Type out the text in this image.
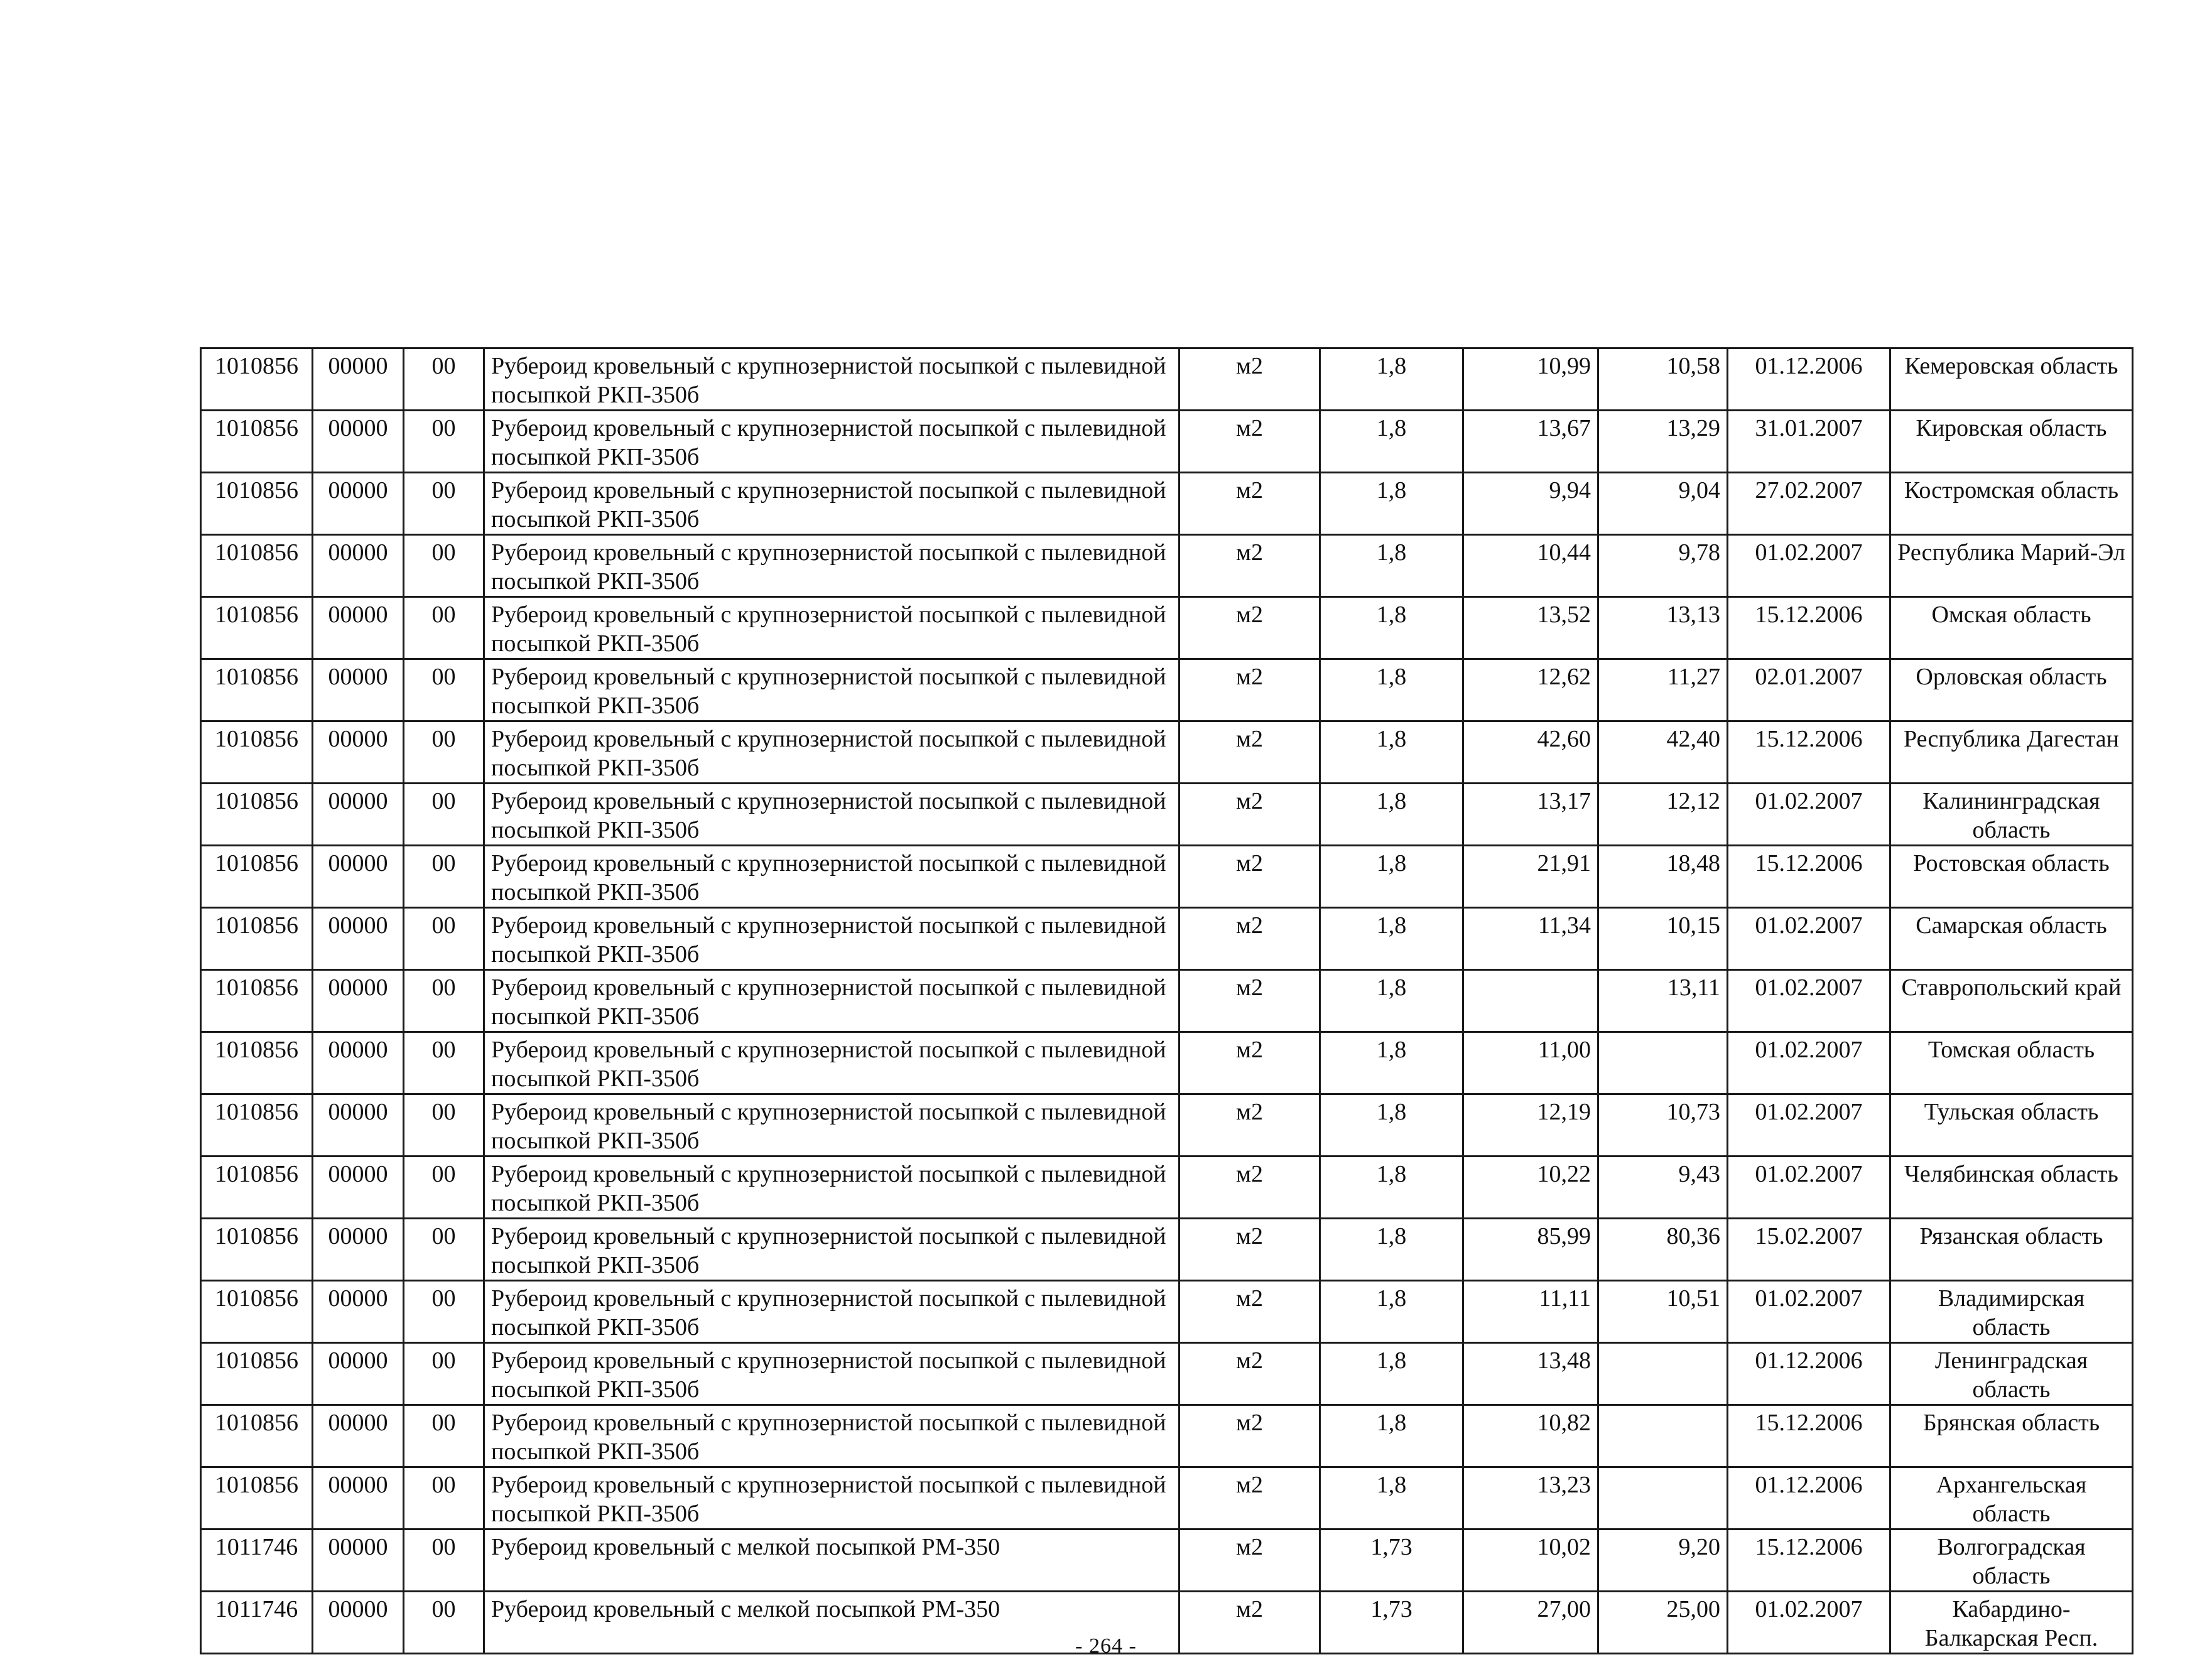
1010856	00000	00	Рубероид кровельный с крупнозернистой посыпкой с пылевидной посыпкой РКП-350б	м2	1,8	10,99	10,58	01.12.2006	Кемеровская область
1010856	00000	00	Рубероид кровельный с крупнозернистой посыпкой с пылевидной посыпкой РКП-350б	м2	1,8	13,67	13,29	31.01.2007	Кировская область
1010856	00000	00	Рубероид кровельный с крупнозернистой посыпкой с пылевидной посыпкой РКП-350б	м2	1,8	9,94	9,04	27.02.2007	Костромская область
1010856	00000	00	Рубероид кровельный с крупнозернистой посыпкой с пылевидной посыпкой РКП-350б	м2	1,8	10,44	9,78	01.02.2007	Республика Марий-Эл
1010856	00000	00	Рубероид кровельный с крупнозернистой посыпкой с пылевидной посыпкой РКП-350б	м2	1,8	13,52	13,13	15.12.2006	Омская область
1010856	00000	00	Рубероид кровельный с крупнозернистой посыпкой с пылевидной посыпкой РКП-350б	м2	1,8	12,62	11,27	02.01.2007	Орловская область
1010856	00000	00	Рубероид кровельный с крупнозернистой посыпкой с пылевидной посыпкой РКП-350б	м2	1,8	42,60	42,40	15.12.2006	Республика Дагестан
1010856	00000	00	Рубероид кровельный с крупнозернистой посыпкой с пылевидной посыпкой РКП-350б	м2	1,8	13,17	12,12	01.02.2007	Калининградская область
1010856	00000	00	Рубероид кровельный с крупнозернистой посыпкой с пылевидной посыпкой РКП-350б	м2	1,8	21,91	18,48	15.12.2006	Ростовская область
1010856	00000	00	Рубероид кровельный с крупнозернистой посыпкой с пылевидной посыпкой РКП-350б	м2	1,8	11,34	10,15	01.02.2007	Самарская область
1010856	00000	00	Рубероид кровельный с крупнозернистой посыпкой с пылевидной посыпкой РКП-350б	м2	1,8		13,11	01.02.2007	Ставропольский край
1010856	00000	00	Рубероид кровельный с крупнозернистой посыпкой с пылевидной посыпкой РКП-350б	м2	1,8	11,00		01.02.2007	Томская область
1010856	00000	00	Рубероид кровельный с крупнозернистой посыпкой с пылевидной посыпкой РКП-350б	м2	1,8	12,19	10,73	01.02.2007	Тульская область
1010856	00000	00	Рубероид кровельный с крупнозернистой посыпкой с пылевидной посыпкой РКП-350б	м2	1,8	10,22	9,43	01.02.2007	Челябинская область
1010856	00000	00	Рубероид кровельный с крупнозернистой посыпкой с пылевидной посыпкой РКП-350б	м2	1,8	85,99	80,36	15.02.2007	Рязанская область
1010856	00000	00	Рубероид кровельный с крупнозернистой посыпкой с пылевидной посыпкой РКП-350б	м2	1,8	11,11	10,51	01.02.2007	Владимирская область
1010856	00000	00	Рубероид кровельный с крупнозернистой посыпкой с пылевидной посыпкой РКП-350б	м2	1,8	13,48		01.12.2006	Ленинградская область
1010856	00000	00	Рубероид кровельный с крупнозернистой посыпкой с пылевидной посыпкой РКП-350б	м2	1,8	10,82		15.12.2006	Брянская область
1010856	00000	00	Рубероид кровельный с крупнозернистой посыпкой с пылевидной посыпкой РКП-350б	м2	1,8	13,23		01.12.2006	Архангельская область
1011746	00000	00	Рубероид кровельный с мелкой посыпкой РМ-350	м2	1,73	10,02	9,20	15.12.2006	Волгоградская область
1011746	00000	00	Рубероид кровельный с мелкой посыпкой РМ-350	м2	1,73	27,00	25,00	01.02.2007	Кабардино-Балкарская Респ.
- 264 -
